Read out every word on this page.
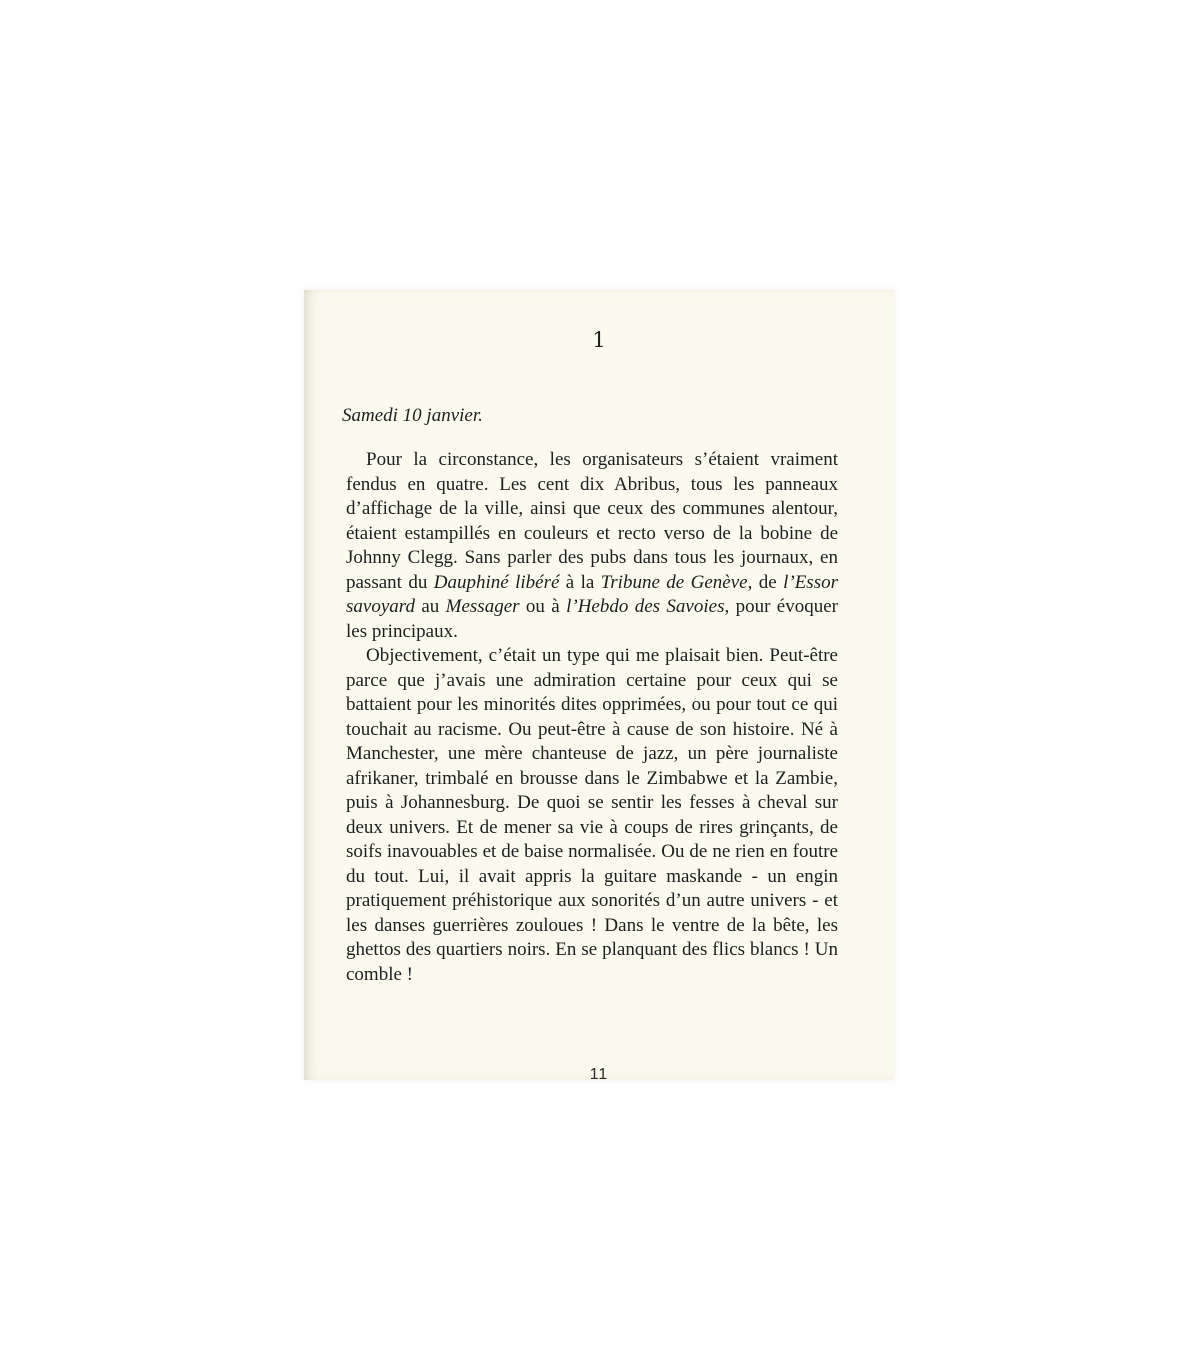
1
Samedi 10 janvier.

Pour la circonstance, les organisateurs s’étaient vraiment fendus en quatre. Les cent dix Abribus, tous les panneaux d’affichage de la ville, ainsi que ceux des communes alentour, étaient estampillés en couleurs et recto verso de la bobine de Johnny Clegg. Sans parler des pubs dans tous les journaux, en passant du Dauphiné libéré à la Tribune de Genève, de l’Essor savoyard au Messager ou à l’Hebdo des Savoies, pour évoquer les principaux.

Objectivement, c’était un type qui me plaisait bien. Peut-être parce que j’avais une admiration certaine pour ceux qui se battaient pour les minorités dites opprimées, ou pour tout ce qui touchait au racisme. Ou peut-être à cause de son histoire. Né à Manchester, une mère chanteuse de jazz, un père journaliste afrikaner, trimbalé en brousse dans le Zimbabwe et la Zambie, puis à Johannesburg. De quoi se sentir les fesses à cheval sur deux univers. Et de mener sa vie à coups de rires grinçants, de soifs inavouables et de baise normalisée. Ou de ne rien en foutre du tout. Lui, il avait appris la guitare maskande - un engin pratiquement préhistorique aux sonorités d’un autre univers - et les danses guerrières zouloues ! Dans le ventre de la bête, les ghettos des quartiers noirs. En se planquant des flics blancs ! Un comble !

11
